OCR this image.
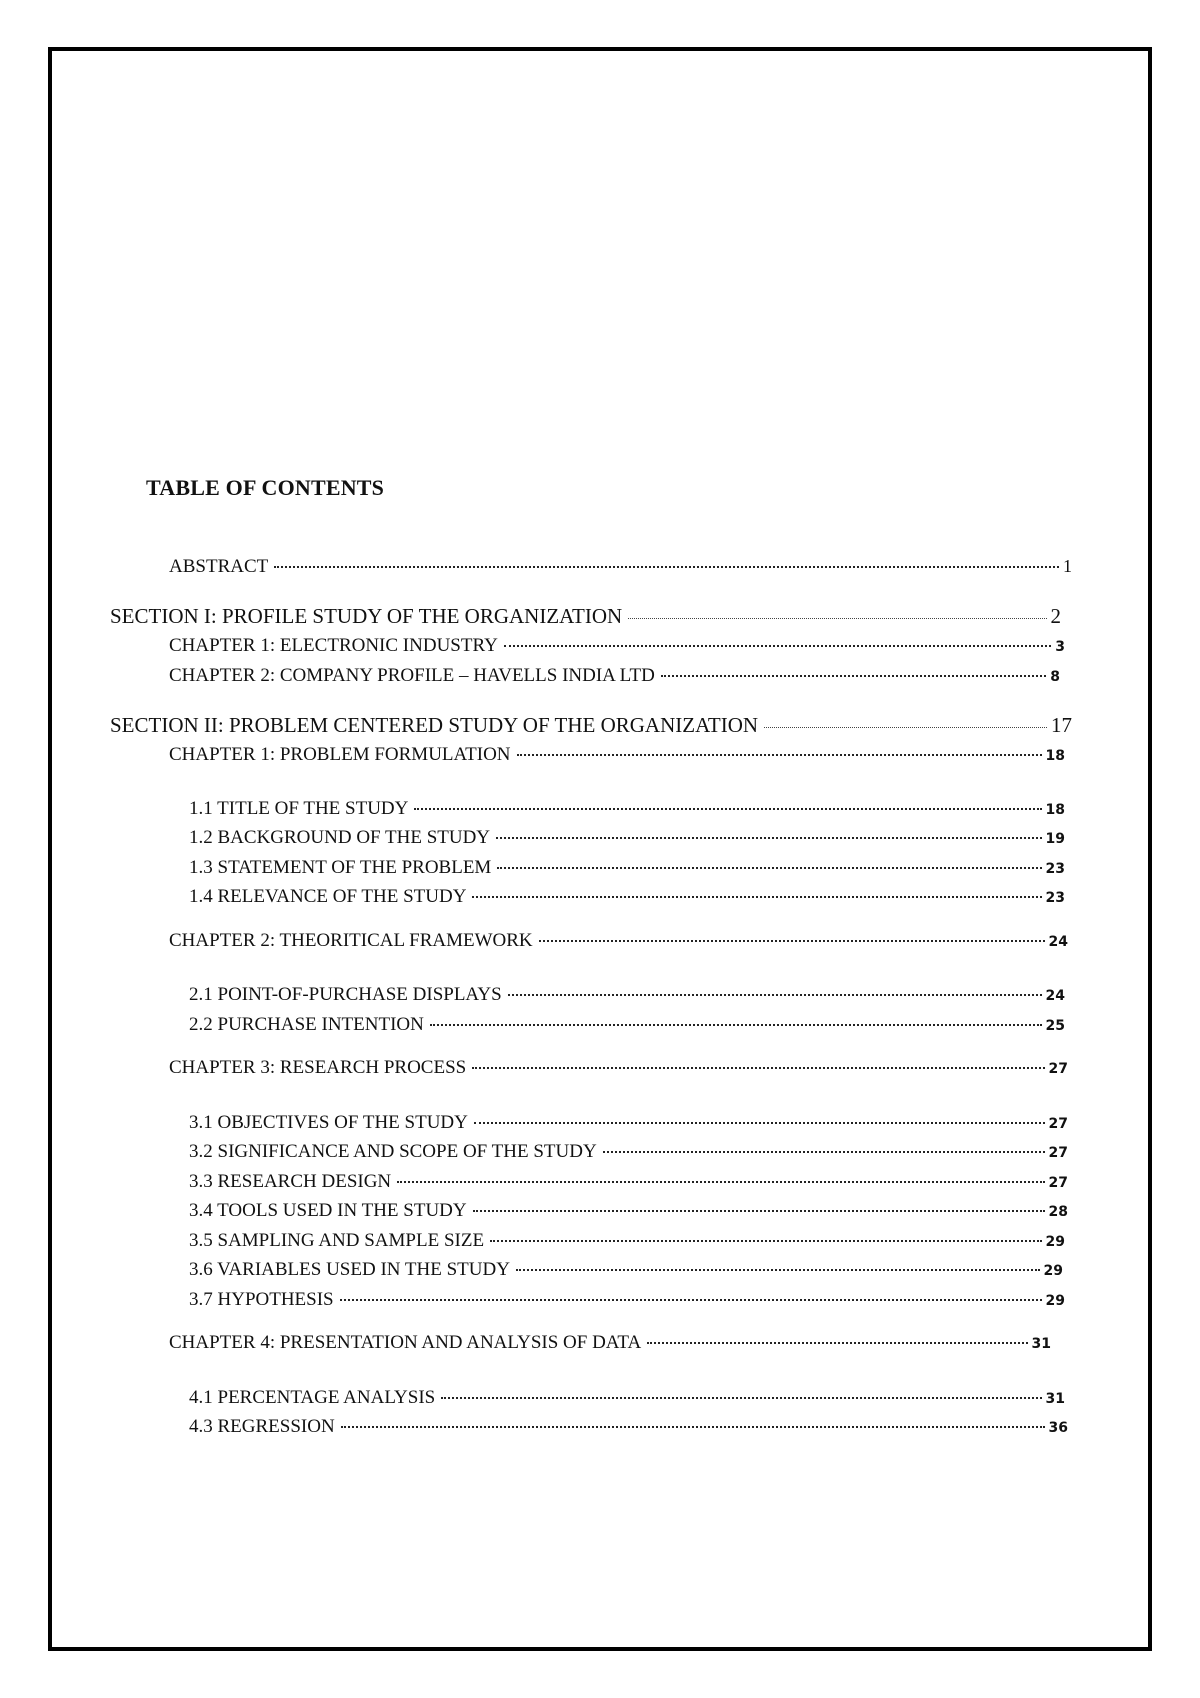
TABLE OF CONTENTS
ABSTRACT	1
SECTION I: PROFILE STUDY OF THE ORGANIZATION	2
CHAPTER 1: ELECTRONIC INDUSTRY	3
CHAPTER 2: COMPANY PROFILE – HAVELLS INDIA LTD	8
SECTION II: PROBLEM CENTERED STUDY OF THE ORGANIZATION	17
CHAPTER 1: PROBLEM FORMULATION	18
1.1 TITLE OF THE STUDY	18
1.2 BACKGROUND OF THE STUDY	19
1.3 STATEMENT OF THE PROBLEM	23
1.4 RELEVANCE OF THE STUDY	23
CHAPTER 2: THEORITICAL FRAMEWORK	24
2.1 POINT-OF-PURCHASE DISPLAYS	24
2.2 PURCHASE INTENTION	25
CHAPTER 3: RESEARCH PROCESS	27
3.1 OBJECTIVES OF THE STUDY	27
3.2 SIGNIFICANCE AND SCOPE OF THE STUDY	27
3.3 RESEARCH DESIGN	27
3.4 TOOLS USED IN THE STUDY	28
3.5 SAMPLING AND SAMPLE SIZE	29
3.6 VARIABLES USED IN THE STUDY	29
3.7 HYPOTHESIS	29
CHAPTER 4: PRESENTATION AND ANALYSIS OF DATA	31
4.1 PERCENTAGE ANALYSIS	31
4.3 REGRESSION	36
